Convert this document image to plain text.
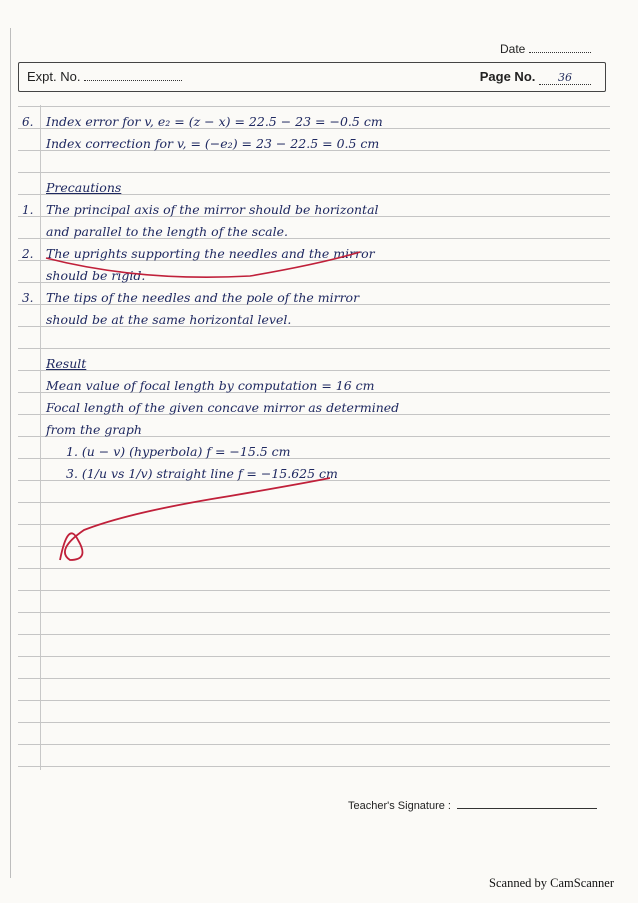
Date
Expt. No.	Page No. 36
6. Index error for v, e₂ = (z − x) = 22.5 − 23 = −0.5 cm
Index correction for v, = (−e₂) = 23 − 22.5 = 0.5 cm
Precautions
1. The principal axis of the mirror should be horizontal
and parallel to the length of the scale.
2. The uprights supporting the needles and the mirror
should be rigid.
3. The tips of the needles and the pole of the mirror
should be at the same horizontal level.
Result
Mean value of focal length by computation = 16 cm
Focal length of the given concave mirror as determined
from the graph
1. (u − v) (hyperbola) f = −15.5 cm
3. (1/u vs 1/v) straight line f = −15.625 cm
Teacher's Signature :
Scanned by CamScanner
